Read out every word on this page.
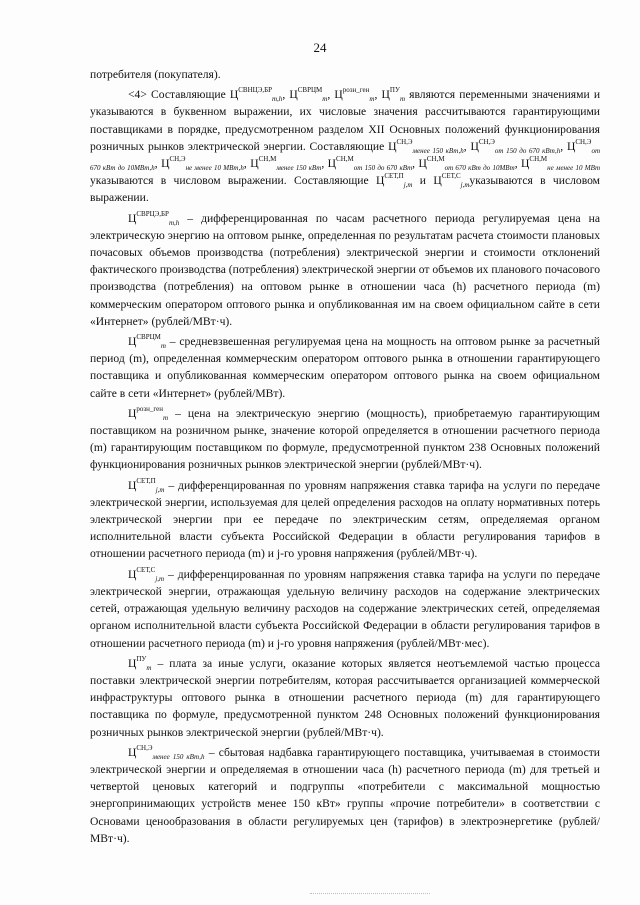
24

потребителя (покупателя).

<4> Составляющие $Ц^{СВНЦЭ,БР}_{m,h}$, $Ц^{СВРЦМ}_m$, $Ц^{розн\_ген}_m$, $Ц^{ПУ}_m$ являются переменными значениями и указываются в буквенном выражении, их числовые значения рассчитываются гарантирующими поставщиками в порядке, предусмотренном разделом XII Основных положений функционирования розничных рынков электрической энергии. Составляющие $Ц^{СН,Э}_{менее 150 кВт,h}$, $Ц^{СН,Э}_{от 150 до 670 кВт,h}$, $Ц^{СН,Э}_{от 670 кВт до 10МВт,h}$, $Ц^{СН,Э}_{не менее 10 МВт,h}$, $Ц^{СН,М}_{менее 150 кВт}$, $Ц^{СН,М}_{от 150 до 670 кВт}$, $Ц^{СН,М}_{от 670 кВт до 10МВт}$, $Ц^{СН,М}_{не менее 10 МВт}$ указываются в числовом выражении. Составляющие $Ц^{СЕТ,П}_{j,m}$ и $Ц^{СЕТ,С}_{j,m}указываются$ в числовом выражении.

$Ц^{СВРЦЭ,БР}_{m,h}$ – дифференцированная по часам расчетного периода регулируемая цена на электрическую энергию на оптовом рынке, определенная по результатам расчета стоимости плановых почасовых объемов производства (потребления) электрической энергии и стоимости отклонений фактического производства (потребления) электрической энергии от объемов их планового почасового производства (потребления) на оптовом рынке в отношении часа (h) расчетного периода (m) коммерческим оператором оптового рынка и опубликованная им на своем официальном сайте в сети «Интернет» (рублей/МВт·ч).

$Ц^{СВРЦМ}_m$ – средневзвешенная регулируемая цена на мощность на оптовом рынке за расчетный период (m), определенная коммерческим оператором оптового рынка в отношении гарантирующего поставщика и опубликованная коммерческим оператором оптового рынка на своем официальном сайте в сети «Интернет» (рублей/МВт).

$Ц^{розн\_ген}_m$ – цена на электрическую энергию (мощность), приобретаемую гарантирующим поставщиком на розничном рынке, значение которой определяется в отношении расчетного периода (m) гарантирующим поставщиком по формуле, предусмотренной пунктом 238 Основных положений функционирования розничных рынков электрической энергии (рублей/МВт·ч).

$Ц^{СЕТ,П}_{j,m}$ – дифференцированная по уровням напряжения ставка тарифа на услуги по передаче электрической энергии, используемая для целей определения расходов на оплату нормативных потерь электрической энергии при ее передаче по электрическим сетям, определяемая органом исполнительной власти субъекта Российской Федерации в области регулирования тарифов в отношении расчетного периода (m) и j-го уровня напряжения (рублей/МВт·ч).

$Ц^{СЕТ,С}_{j,m}$ – дифференцированная по уровням напряжения ставка тарифа на услуги по передаче электрической энергии, отражающая удельную величину расходов на содержание электрических сетей, отражающая удельную величину расходов на содержание электрических сетей, определяемая органом исполнительной власти субъекта Российской Федерации в области регулирования тарифов в отношении расчетного периода (m) и j-го уровня напряжения (рублей/МВт·мес).

$Ц^{ПУ}_m$ – плата за иные услуги, оказание которых является неотъемлемой частью процесса поставки электрической энергии потребителям, которая рассчитывается организацией коммерческой инфраструктуры оптового рынка в отношении расчетного периода (m) для гарантирующего поставщика по формуле, предусмотренной пунктом 248 Основных положений функционирования розничных рынков электрической энергии (рублей/МВт·ч).

$Ц^{СН,Э}_{менее 150 кВт,h}$ – сбытовая надбавка гарантирующего поставщика, учитываемая в стоимости электрической энергии и определяемая в отношении часа (h) расчетного периода (m) для третьей и четвертой ценовых категорий и подгруппы «потребители с максимальной мощностью энергопринимающих устройств менее 150 кВт» группы «прочие потребители» в соответствии с Основами ценообразования в области регулируемых цен (тарифов) в электроэнергетике (рублей/МВт·ч).
